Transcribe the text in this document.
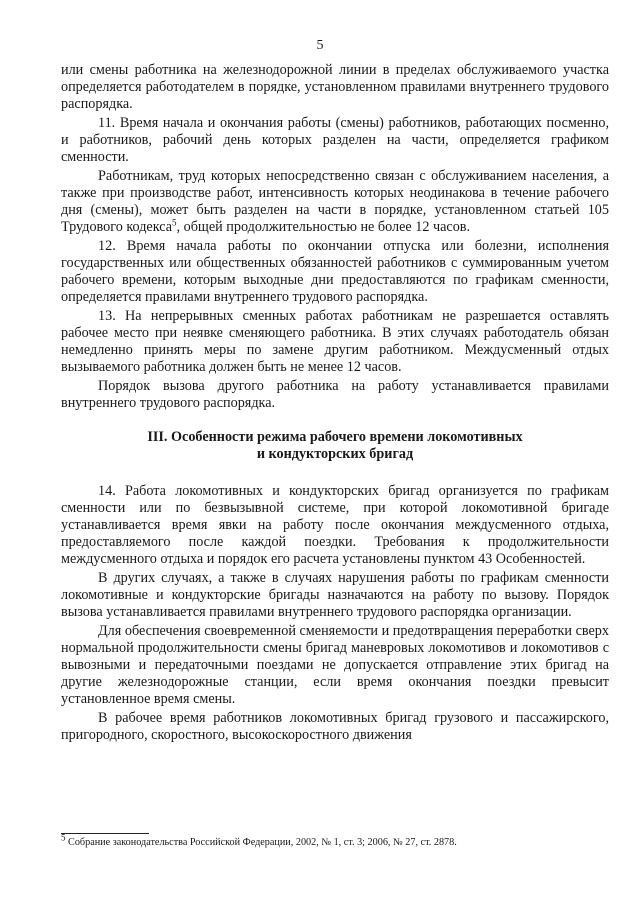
5

или смены работника на железнодорожной линии в пределах обслуживаемого участка определяется работодателем в порядке, установленном правилами внутреннего трудового распорядка.

11. Время начала и окончания работы (смены) работников, работающих посменно, и работников, рабочий день которых разделен на части, определяется графиком сменности.

Работникам, труд которых непосредственно связан с обслуживанием населения, а также при производстве работ, интенсивность которых неодинакова в течение рабочего дня (смены), может быть разделен на части в порядке, установленном статьей 105 Трудового кодекса$^5$, общей продолжительностью не более 12 часов.

12. Время начала работы по окончании отпуска или болезни, исполнения государственных или общественных обязанностей работников с суммированным учетом рабочего времени, которым выходные дни предоставляются по графикам сменности, определяется правилами внутреннего трудового распорядка.

13. На непрерывных сменных работах работникам не разрешается оставлять рабочее место при неявке сменяющего работника. В этих случаях работодатель обязан немедленно принять меры по замене другим работником. Междусменный отдых вызываемого работника должен быть не менее 12 часов.

Порядок вызова другого работника на работу устанавливается правилами внутреннего трудового распорядка.

III. Особенности режима рабочего времени локомотивных
и кондукторских бригад

14. Работа локомотивных и кондукторских бригад организуется по графикам сменности или по безвызывной системе, при которой локомотивной бригаде устанавливается время явки на работу после окончания междусменного отдыха, предоставляемого после каждой поездки. Требования к продолжительности междусменного отдыха и порядок его расчета установлены пунктом 43 Особенностей.

В других случаях, а также в случаях нарушения работы по графикам сменности локомотивные и кондукторские бригады назначаются на работу по вызову. Порядок вызова устанавливается правилами внутреннего трудового распорядка организации.

Для обеспечения своевременной сменяемости и предотвращения переработки сверх нормальной продолжительности смены бригад маневровых локомотивов и локомотивов с вывозными и передаточными поездами не допускается отправление этих бригад на другие железнодорожные станции, если время окончания поездки превысит установленное время смены.

В рабочее время работников локомотивных бригад грузового и пассажирского, пригородного, скоростного, высокоскоростного движения

$^5$ Собрание законодательства Российской Федерации, 2002, № 1, ст. 3; 2006, № 27, ст. 2878.
